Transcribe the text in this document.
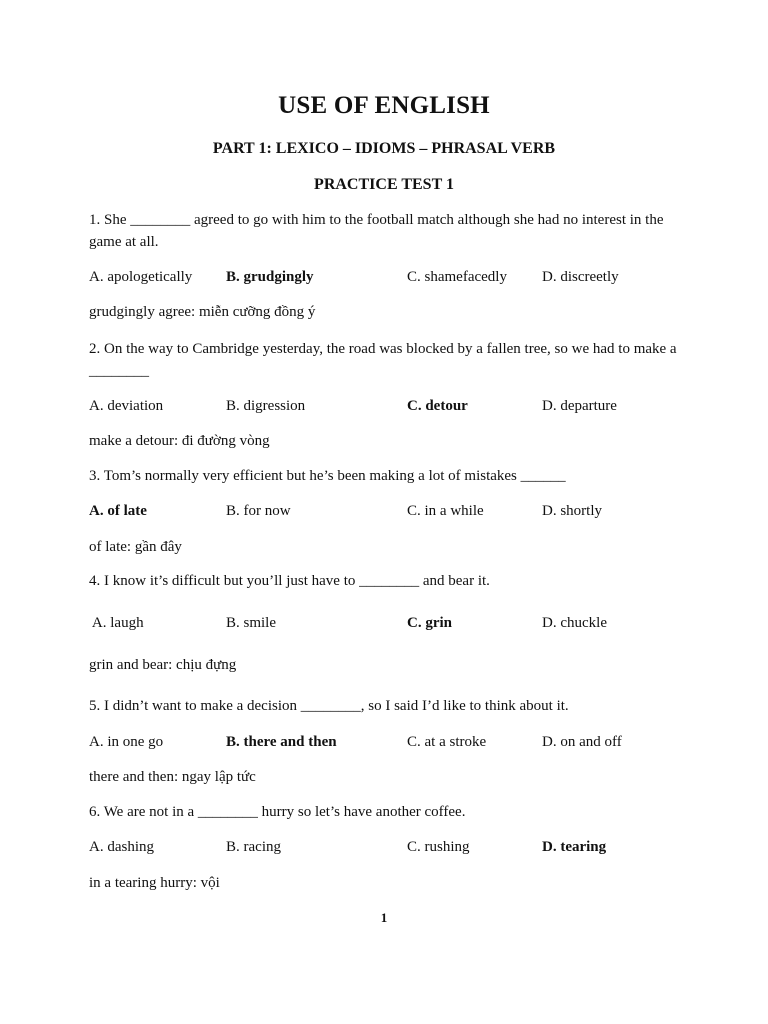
USE OF ENGLISH
PART 1: LEXICO – IDIOMS – PHRASAL VERB
PRACTICE TEST 1
1. She ________ agreed to go with him to the football match although she had no interest in the game at all.
A. apologetically B. grudgingly	C. shamefacedly D. discreetly
grudgingly agree: miễn cưỡng đồng ý
2. On the way to Cambridge yesterday, the road was blocked by a fallen tree, so we had to make a ________
A. deviation	B. digression	C. detour	D. departure
make a detour: đi đường vòng
3. Tom’s normally very efficient but he’s been making a lot of mistakes ______
A. of late	B. for now	C. in a while	D. shortly
of late: gần đây
4. I know it’s difficult but you’ll just have to ________ and bear it.
A. laugh	B. smile	C. grin	D. chuckle
grin and bear: chịu đựng
5. I didn’t want to make a decision ________, so I said I’d like to think about it.
A. in one go	B. there and then	C. at a stroke	D. on and off
there and then: ngay lập tức
6. We are not in a ________ hurry so let’s have another coffee.
A. dashing	B. racing	C. rushing	D. tearing
in a tearing hurry: vội
1
